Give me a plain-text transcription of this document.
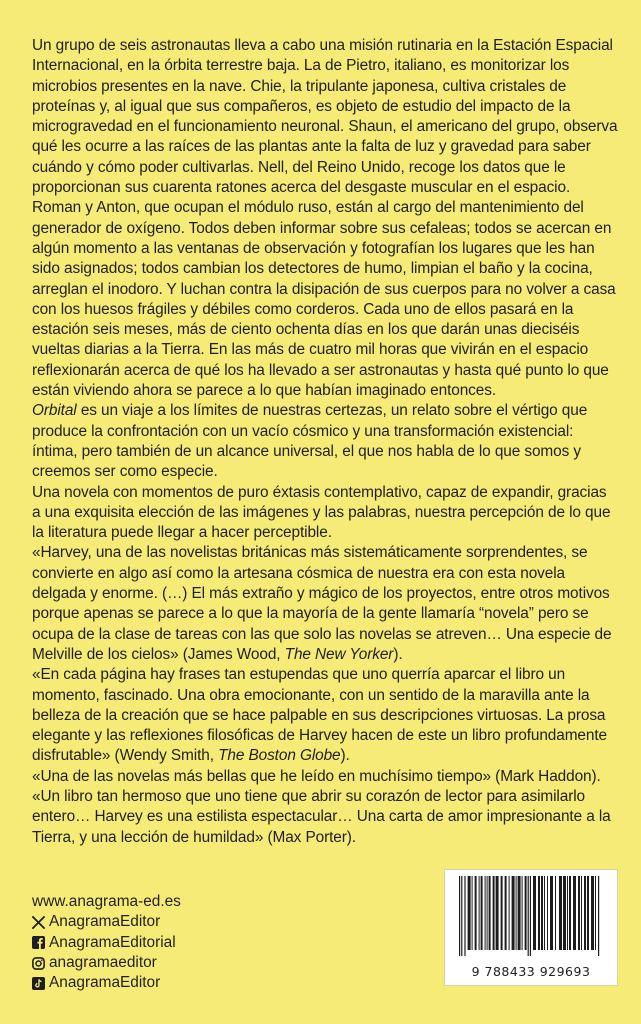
Un grupo de seis astronautas lleva a cabo una misión rutinaria en la Estación Espacial Internacional, en la órbita terrestre baja. La de Pietro, italiano, es monitorizar los microbios presentes en la nave. Chie, la tripulante japonesa, cultiva cristales de proteínas y, al igual que sus compañeros, es objeto de estudio del impacto de la microgravedad en el funcionamiento neuronal. Shaun, el americano del grupo, observa qué les ocurre a las raíces de las plantas ante la falta de luz y gravedad para saber cuándo y cómo poder cultivarlas. Nell, del Reino Unido, recoge los datos que le proporcionan sus cuarenta ratones acerca del desgaste muscular en el espacio. Roman y Anton, que ocupan el módulo ruso, están al cargo del mantenimiento del generador de oxígeno. Todos deben informar sobre sus cefaleas; todos se acercan en algún momento a las ventanas de observación y fotografían los lugares que les han sido asignados; todos cambian los detectores de humo, limpian el baño y la cocina, arreglan el inodoro. Y luchan contra la disipación de sus cuerpos para no volver a casa con los huesos frágiles y débiles como corderos. Cada uno de ellos pasará en la estación seis meses, más de ciento ochenta días en los que darán unas dieciséis vueltas diarias a la Tierra. En las más de cuatro mil horas que vivirán en el espacio reflexionarán acerca de qué los ha llevado a ser astronautas y hasta qué punto lo que están viviendo ahora se parece a lo que habían imaginado entonces.

Orbital es un viaje a los límites de nuestras certezas, un relato sobre el vértigo que produce la confrontación con un vacío cósmico y una transformación existencial: íntima, pero también de un alcance universal, el que nos habla de lo que somos y creemos ser como especie.

Una novela con momentos de puro éxtasis contemplativo, capaz de expandir, gracias a una exquisita elección de las imágenes y las palabras, nuestra percepción de lo que la literatura puede llegar a hacer perceptible.

«Harvey, una de las novelistas británicas más sistemáticamente sorprendentes, se convierte en algo así como la artesana cósmica de nuestra era con esta novela delgada y enorme. (…) El más extraño y mágico de los proyectos, entre otros motivos porque apenas se parece a lo que la mayoría de la gente llamaría “novela” pero se ocupa de la clase de tareas con las que solo las novelas se atreven… Una especie de Melville de los cielos» (James Wood, The New Yorker).

«En cada página hay frases tan estupendas que uno querría aparcar el libro un momento, fascinado. Una obra emocionante, con un sentido de la maravilla ante la belleza de la creación que se hace palpable en sus descripciones virtuosas. La prosa elegante y las reflexiones filosóficas de Harvey hacen de este un libro profundamente disfrutable» (Wendy Smith, The Boston Globe).

«Una de las novelas más bellas que he leído en muchísimo tiempo» (Mark Haddon).

«Un libro tan hermoso que uno tiene que abrir su corazón de lector para asimilarlo entero… Harvey es una estilista espectacular… Una carta de amor impresionante a la Tierra, y una lección de humildad» (Max Porter).

www.anagrama-ed.es
AnagramaEditor
AnagramaEditorial
anagramaeditor
AnagramaEditor
9 788433 929693
